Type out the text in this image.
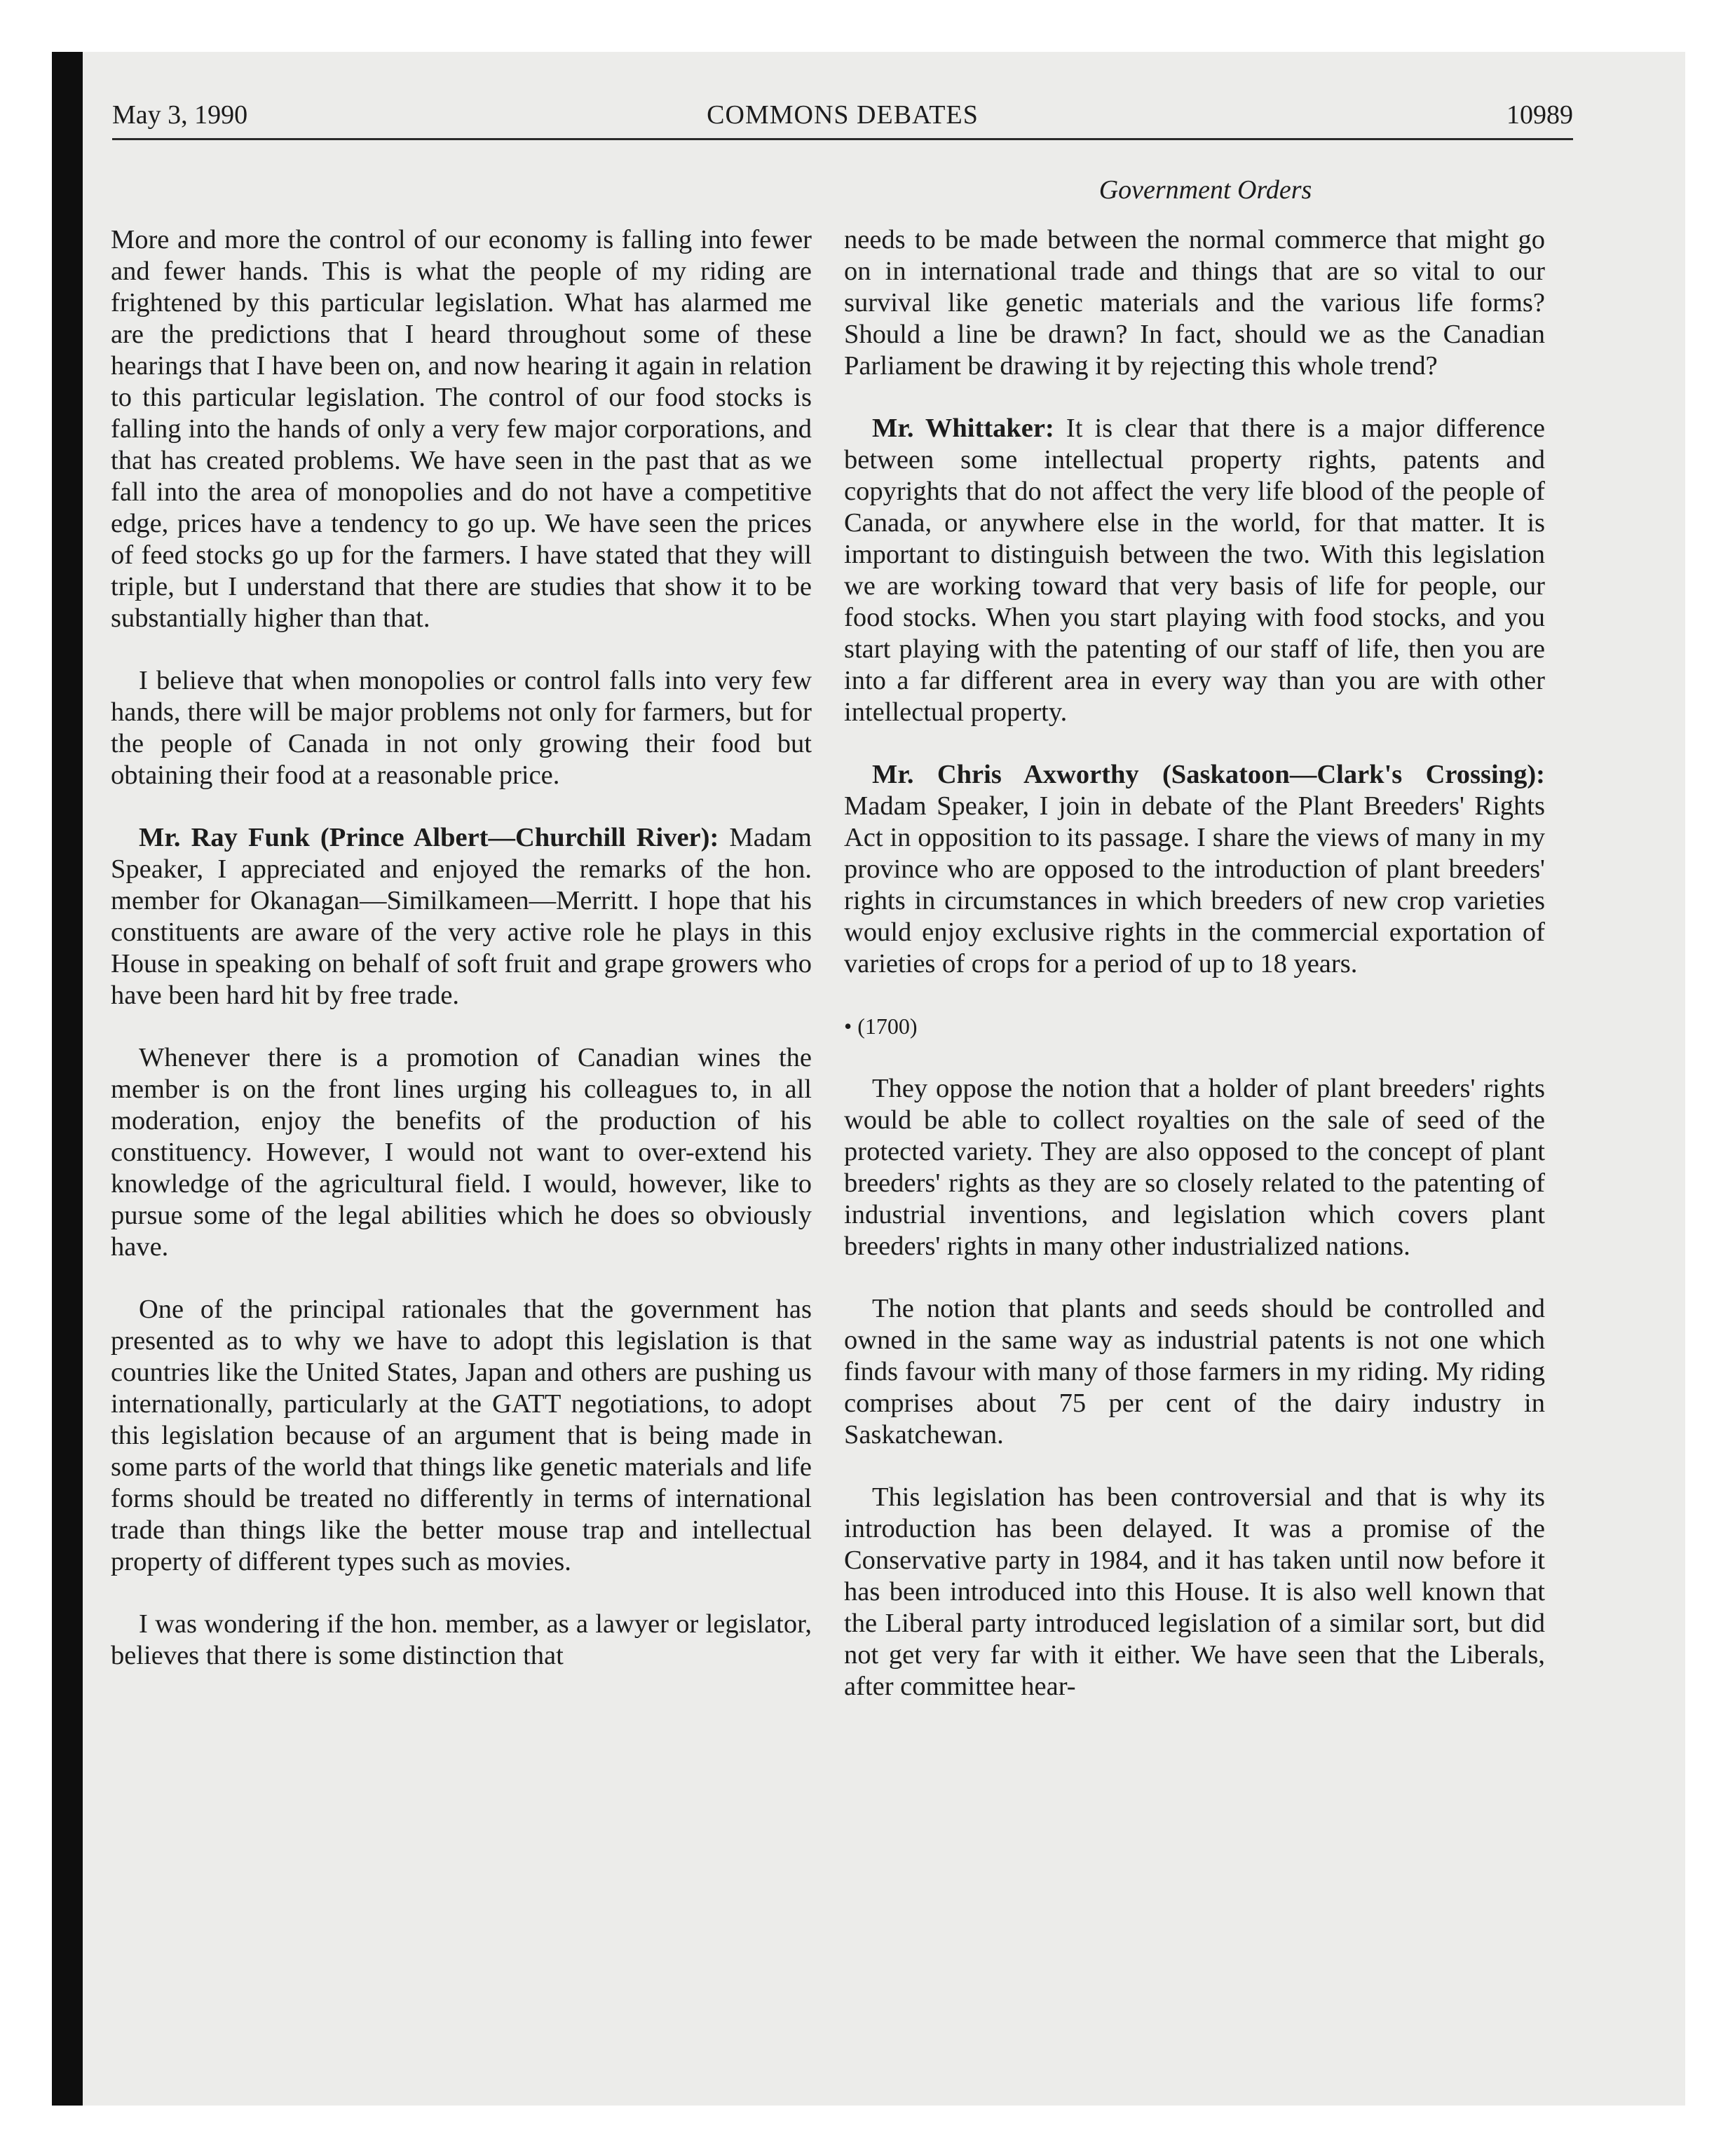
May 3, 1990	COMMONS DEBATES	10989
Government Orders

More and more the control of our economy is falling into fewer and fewer hands. This is what the people of my riding are frightened by this particular legislation. What has alarmed me are the predictions that I heard throughout some of these hearings that I have been on, and now hearing it again in relation to this particular legislation. The control of our food stocks is falling into the hands of only a very few major corporations, and that has created problems. We have seen in the past that as we fall into the area of monopolies and do not have a competitive edge, prices have a tendency to go up. We have seen the prices of feed stocks go up for the farmers. I have stated that they will triple, but I understand that there are studies that show it to be substantially higher than that.

I believe that when monopolies or control falls into very few hands, there will be major problems not only for farmers, but for the people of Canada in not only growing their food but obtaining their food at a reasonable price.

Mr. Ray Funk (Prince Albert—Churchill River): Madam Speaker, I appreciated and enjoyed the remarks of the hon. member for Okanagan—Similkameen—Merritt. I hope that his constituents are aware of the very active role he plays in this House in speaking on behalf of soft fruit and grape growers who have been hard hit by free trade.

Whenever there is a promotion of Canadian wines the member is on the front lines urging his colleagues to, in all moderation, enjoy the benefits of the production of his constituency. However, I would not want to over-extend his knowledge of the agricultural field. I would, however, like to pursue some of the legal abilities which he does so obviously have.

One of the principal rationales that the government has presented as to why we have to adopt this legislation is that countries like the United States, Japan and others are pushing us internationally, particularly at the GATT negotiations, to adopt this legislation because of an argument that is being made in some parts of the world that things like genetic materials and life forms should be treated no differently in terms of international trade than things like the better mouse trap and intellectual property of different types such as movies.

I was wondering if the hon. member, as a lawyer or legislator, believes that there is some distinction that

needs to be made between the normal commerce that might go on in international trade and things that are so vital to our survival like genetic materials and the various life forms? Should a line be drawn? In fact, should we as the Canadian Parliament be drawing it by rejecting this whole trend?

Mr. Whittaker: It is clear that there is a major difference between some intellectual property rights, patents and copyrights that do not affect the very life blood of the people of Canada, or anywhere else in the world, for that matter. It is important to distinguish between the two. With this legislation we are working toward that very basis of life for people, our food stocks. When you start playing with food stocks, and you start playing with the patenting of our staff of life, then you are into a far different area in every way than you are with other intellectual property.

Mr. Chris Axworthy (Saskatoon—Clark's Crossing): Madam Speaker, I join in debate of the Plant Breeders' Rights Act in opposition to its passage. I share the views of many in my province who are opposed to the introduction of plant breeders' rights in circumstances in which breeders of new crop varieties would enjoy exclusive rights in the commercial exportation of varieties of crops for a period of up to 18 years.

• (1700)

They oppose the notion that a holder of plant breeders' rights would be able to collect royalties on the sale of seed of the protected variety. They are also opposed to the concept of plant breeders' rights as they are so closely related to the patenting of industrial inventions, and legislation which covers plant breeders' rights in many other industrialized nations.

The notion that plants and seeds should be controlled and owned in the same way as industrial patents is not one which finds favour with many of those farmers in my riding. My riding comprises about 75 per cent of the dairy industry in Saskatchewan.

This legislation has been controversial and that is why its introduction has been delayed. It was a promise of the Conservative party in 1984, and it has taken until now before it has been introduced into this House. It is also well known that the Liberal party introduced legislation of a similar sort, but did not get very far with it either. We have seen that the Liberals, after committee hear-
